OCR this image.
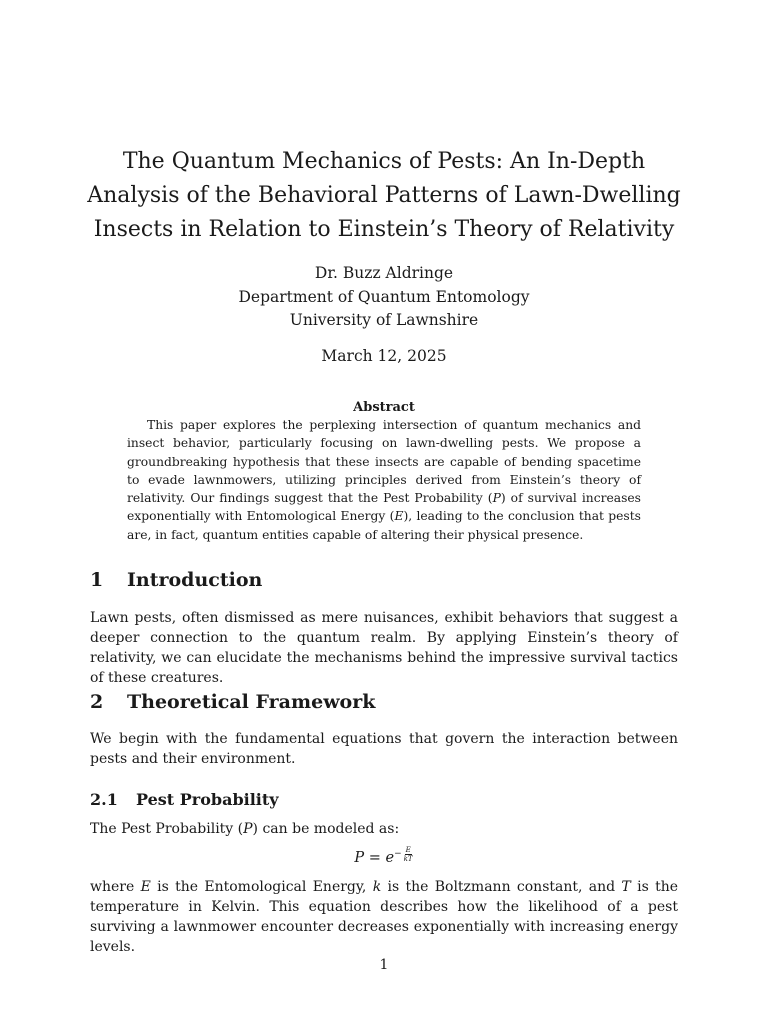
The Quantum Mechanics of Pests: An In-Depth
Analysis of the Behavioral Patterns of Lawn-Dwelling
Insects in Relation to Einstein’s Theory of Relativity
Dr. Buzz Aldringe
Department of Quantum Entomology
University of Lawnshire
March 12, 2025
Abstract

This paper explores the perplexing intersection of quantum mechanics and insect behavior, particularly focusing on lawn-dwelling pests. We propose a groundbreaking hypothesis that these insects are capable of bending spacetime to evade lawnmowers, utilizing principles derived from Einstein’s theory of relativity. Our findings suggest that the Pest Probability (P) of survival increases exponentially with Entomological Energy (E), leading to the conclusion that pests are, in fact, quantum entities capable of altering their physical presence.

1	Introduction

Lawn pests, often dismissed as mere nuisances, exhibit behaviors that suggest a deeper connection to the quantum realm. By applying Einstein’s theory of relativity, we can elucidate the mechanisms behind the impressive survival tactics of these creatures.

2	Theoretical Framework

We begin with the fundamental equations that govern the interaction between pests and their environment.

2.1	Pest Probability

The Pest Probability (P) can be modeled as:

$P = e - \frac{E}{kT}$

where E is the Entomological Energy, k is the Boltzmann constant, and T is the temperature in Kelvin. This equation describes how the likelihood of a pest surviving a lawnmower encounter decreases exponentially with increasing energy levels.

1
